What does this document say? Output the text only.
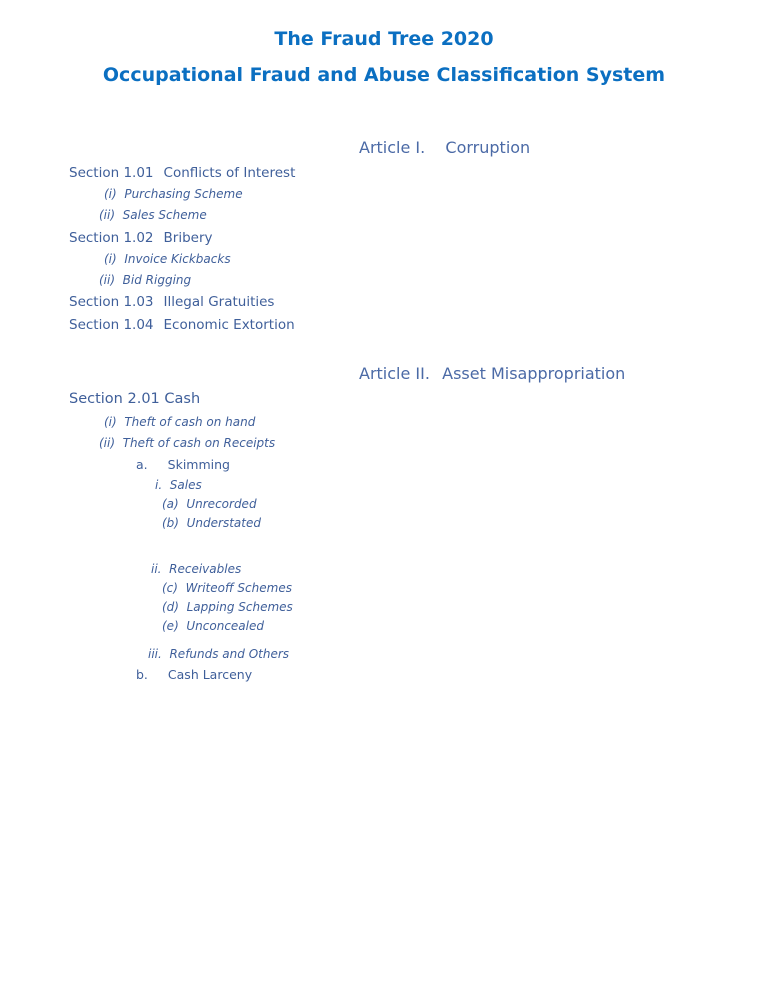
The Fraud Tree 2020
Occupational Fraud and Abuse Classification System
Article I. Corruption
Section 1.01 Conflicts of Interest
(i) Purchasing Scheme
(ii) Sales Scheme
Section 1.02 Bribery
(i) Invoice Kickbacks
(ii) Bid Rigging
Section 1.03 Illegal Gratuities
Section 1.04 Economic Extortion
Article II. Asset Misappropriation
Section 2.01 Cash
(i) Theft of cash on hand
(ii) Theft of cash on Receipts
a. Skimming
i. Sales
(a) Unrecorded
(b) Understated
ii. Receivables
(c) Writeoff Schemes
(d) Lapping Schemes
(e) Unconcealed
iii. Refunds and Others
b. Cash Larceny
